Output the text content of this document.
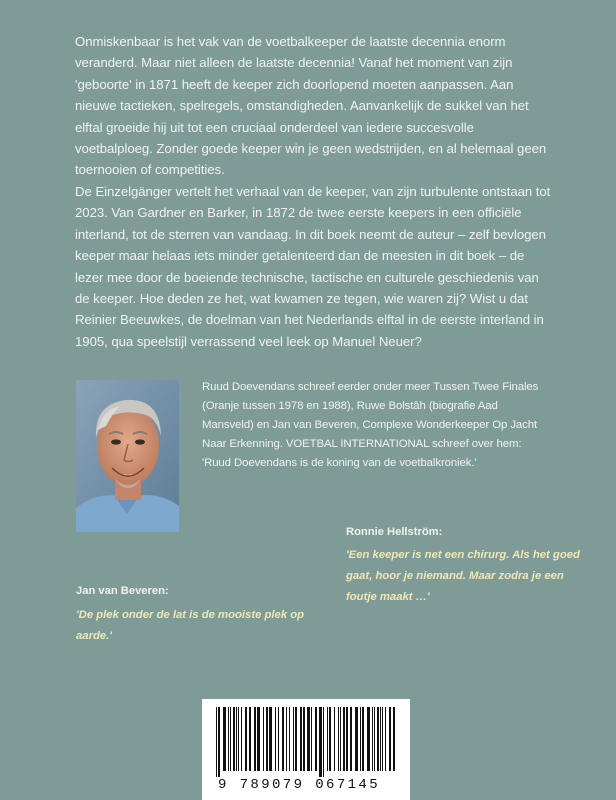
Onmiskenbaar is het vak van de voetbalkeeper de laatste decennia enorm veranderd. Maar niet alleen de laatste decennia! Vanaf het moment van zijn 'geboorte' in 1871 heeft de keeper zich doorlopend moeten aanpassen. Aan nieuwe tactieken, spelregels, omstandigheden. Aanvankelijk de sukkel van het elftal groeide hij uit tot een cruciaal onderdeel van iedere succesvolle voetbalploeg. Zonder goede keeper win je geen wedstrijden, en al helemaal geen toernooien of competities.

De Einzelgänger vertelt het verhaal van de keeper, van zijn turbulente ontstaan tot 2023. Van Gardner en Barker, in 1872 de twee eerste keepers in een officiële interland, tot de sterren van vandaag. In dit boek neemt de auteur – zelf bevlogen keeper maar helaas iets minder getalenteerd dan de meesten in dit boek – de lezer mee door de boeiende technische, tactische en culturele geschiedenis van de keeper. Hoe deden ze het, wat kwamen ze tegen, wie waren zij? Wist u dat Reinier Beeuwkes, de doelman van het Nederlands elftal in de eerste interland in 1905, qua speelstijl verrassend veel leek op Manuel Neuer?

Ruud Doevendans schreef eerder onder meer Tussen Twee Finales (Oranje tussen 1978 en 1988), Ruwe Bolstâh (biografie Aad Mansveld) en Jan van Beveren, Complexe Wonderkeeper Op Jacht Naar Erkenning. VOETBAL INTERNATIONAL schreef over hem: 'Ruud Doevendans is de koning van de voetbalkroniek.'

Ronnie Hellström:

'Een keeper is net een chirurg. Als het goed gaat, hoor je niemand. Maar zodra je een foutje maakt …'

Jan van Beveren:

'De plek onder de lat is de mooiste plek op aarde.'

9 789079 067145
